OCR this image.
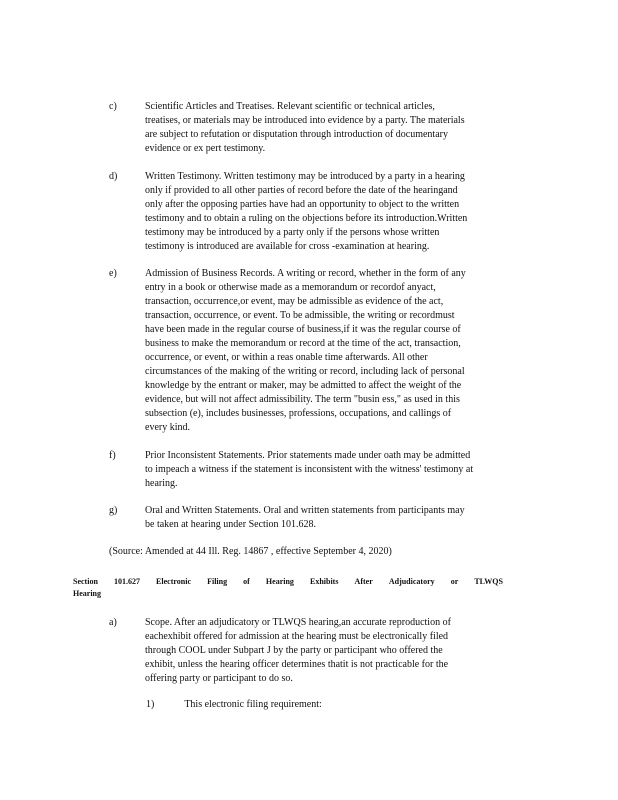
c)	Scientific Articles and Treatises. Relevant scientific or technical articles,
treatises, or materials may be introduced into evidence by a party. The materials
are subject to refutation or disputation through introduction of documentary
evidence or ex pert testimony.
d)	Written Testimony. Written testimony may be introduced by a party in a hearing
only if provided to all other parties of record before the date of the hearingand
only after the opposing parties have had an opportunity to object to the written
testimony and to obtain a ruling on the objections before its introduction.Written
testimony may be introduced by a party only if the persons whose written
testimony is introduced are available for cross -examination at hearing.
e)	Admission of Business Records. A writing or record, whether in the form of any
entry in a book or otherwise made as a memorandum or recordof anyact,
transaction, occurrence,or event, may be admissible as evidence of the act,
transaction, occurrence, or event. To be admissible, the writing or recordmust
have been made in the regular course of business,if it was the regular course of
business to make the memorandum or record at the time of the act, transaction,
occurrence, or event, or within a reas onable time afterwards. All other
circumstances of the making of the writing or record, including lack of personal
knowledge by the entrant or maker, may be admitted to affect the weight of the
evidence, but will not affect admissibility. The term "busin ess," as used in this
subsection (e), includes businesses, professions, occupations, and callings of
every kind.
f)	Prior Inconsistent Statements. Prior statements made under oath may be admitted
to impeach a witness if the statement is inconsistent with the witness' testimony at
hearing.
g)	Oral and Written Statements. Oral and written statements from participants may
be taken at hearing under Section 101.628.
(Source: Amended at 44 Ill. Reg. 14867 , effective September 4, 2020)
Section 101.627 Electronic Filing of Hearing Exhibits After Adjudicatory or TLWQS
Hearing
a)	Scope. After an adjudicatory or TLWQS hearing,an accurate reproduction of
eachexhibit offered for admission at the hearing must be electronically filed
through COOL under Subpart J by the party or participant who offered the
exhibit, unless the hearing officer determines thatit is not practicable for the
offering party or participant to do so.
1)	This electronic filing requirement:
